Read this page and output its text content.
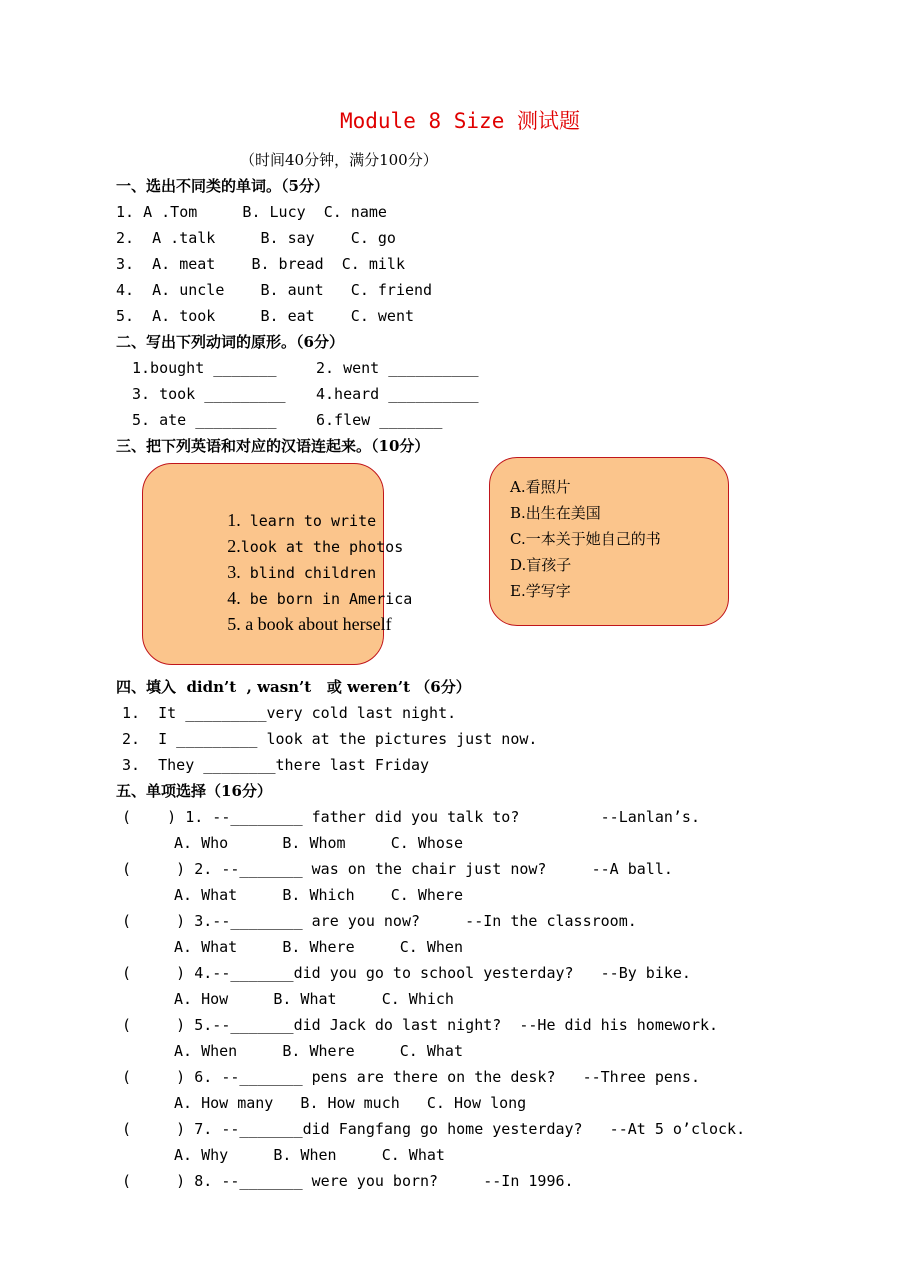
Module 8 Size 测试题
（时间40分钟，满分100分）
一、选出不同类的单词。（5分）
1. A .Tom     B. Lucy  C. name
2.  A .talk     B. say    C. go
3.  A. meat    B. bread  C. milk
4.  A. uncle    B. aunt   C. friend
5.  A. took     B. eat    C. went
二、写出下列动词的原形。（6分）
1.bought _______	2. went __________
3. took _________ 4.heard __________
5. ate _________	6.flew _______
三、把下列英语和对应的汉语连起来。（10分）

1. learn to write

2.look at the photos

3. blind children

4. be born in America

5. a book about herself

A.看照片
B.出生在美国
C.一本关于她自己的书
D.盲孩子
E.学写字
四、填入  didn’t  , wasn’t   或 weren’t （6分）
1.  It _________very cold last night.
2.  I _________ look at the pictures just now.
3.  They ________there last Friday
五、单项选择（16分）
(    ) 1. --________ father did you talk to?         --Lanlan’s.
A. Who      B. Whom     C. Whose
(     ) 2. --_______ was on the chair just now?     --A ball.
A. What     B. Which    C. Where
(     ) 3.--________ are you now?     --In the classroom.
A. What     B. Where     C. When
(     ) 4.--_______did you go to school yesterday?   --By bike.
A. How     B. What     C. Which
(     ) 5.--_______did Jack do last night?  --He did his homework.
A. When     B. Where     C. What
(     ) 6. --_______ pens are there on the desk?   --Three pens.
A. How many   B. How much   C. How long
(     ) 7. --_______did Fangfang go home yesterday?   --At 5 o’clock.
A. Why     B. When     C. What
(     ) 8. --_______ were you born?     --In 1996.
